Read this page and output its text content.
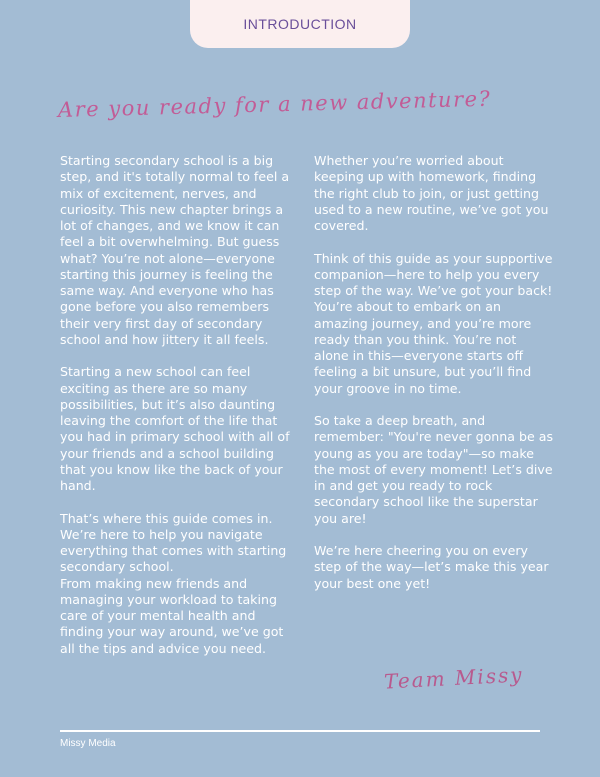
INTRODUCTION
Are you ready for a new adventure?

Starting secondary school is a big step, and it's totally normal to feel a mix of excitement, nerves, and curiosity. This new chapter brings a lot of changes, and we know it can feel a bit overwhelming. But guess what? You’re not alone—everyone starting this journey is feeling the same way. And everyone who has gone before you also remembers their very first day of secondary school and how jittery it all feels.

Starting a new school can feel exciting as there are so many possibilities, but it’s also daunting leaving the comfort of the life that you had in primary school with all of your friends and a school building that you know like the back of your hand.

That’s where this guide comes in. We’re here to help you navigate everything that comes with starting secondary school.

From making new friends and managing your workload to taking care of your mental health and finding your way around, we’ve got all the tips and advice you need.

Whether you’re worried about keeping up with homework, finding the right club to join, or just getting used to a new routine, we’ve got you covered.

Think of this guide as your supportive companion—here to help you every step of the way. We’ve got your back! You’re about to embark on an amazing journey, and you’re more ready than you think. You’re not alone in this—everyone starts off feeling a bit unsure, but you’ll find your groove in no time.

So take a deep breath, and remember: "You're never gonna be as young as you are today"—so make the most of every moment! Let’s dive in and get you ready to rock secondary school like the superstar you are!

We’re here cheering you on every step of the way—let’s make this year your best one yet!

Team Missy
Missy Media
